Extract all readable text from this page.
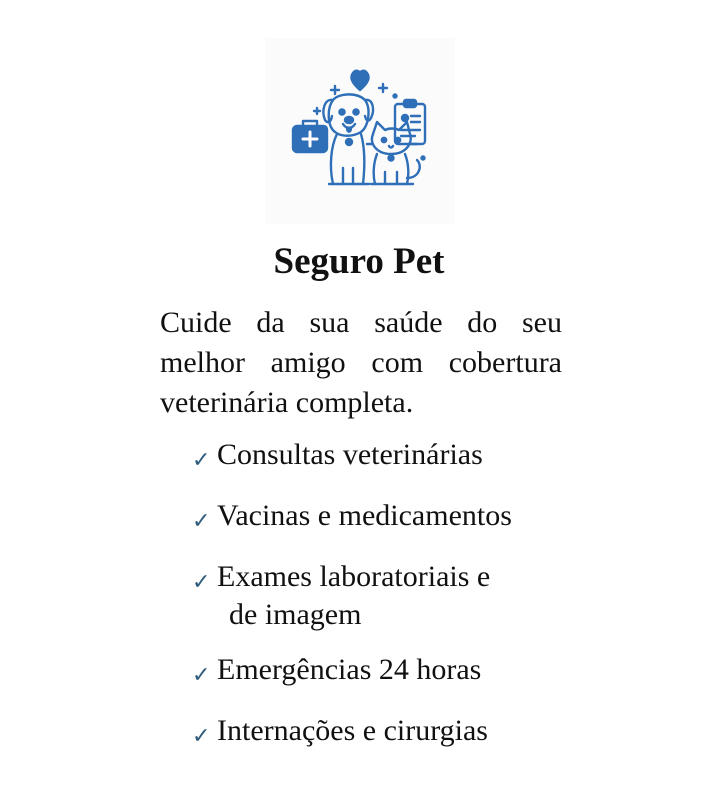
Seguro Pet
Cuide da sua saúde do seu melhor amigo com cobertura veterinária completa.
✓ Consultas veterinárias
✓ Vacinas e medicamentos
✓ Exames laboratoriais e
de imagem
✓ Emergências 24 horas
✓ Internações e cirurgias
